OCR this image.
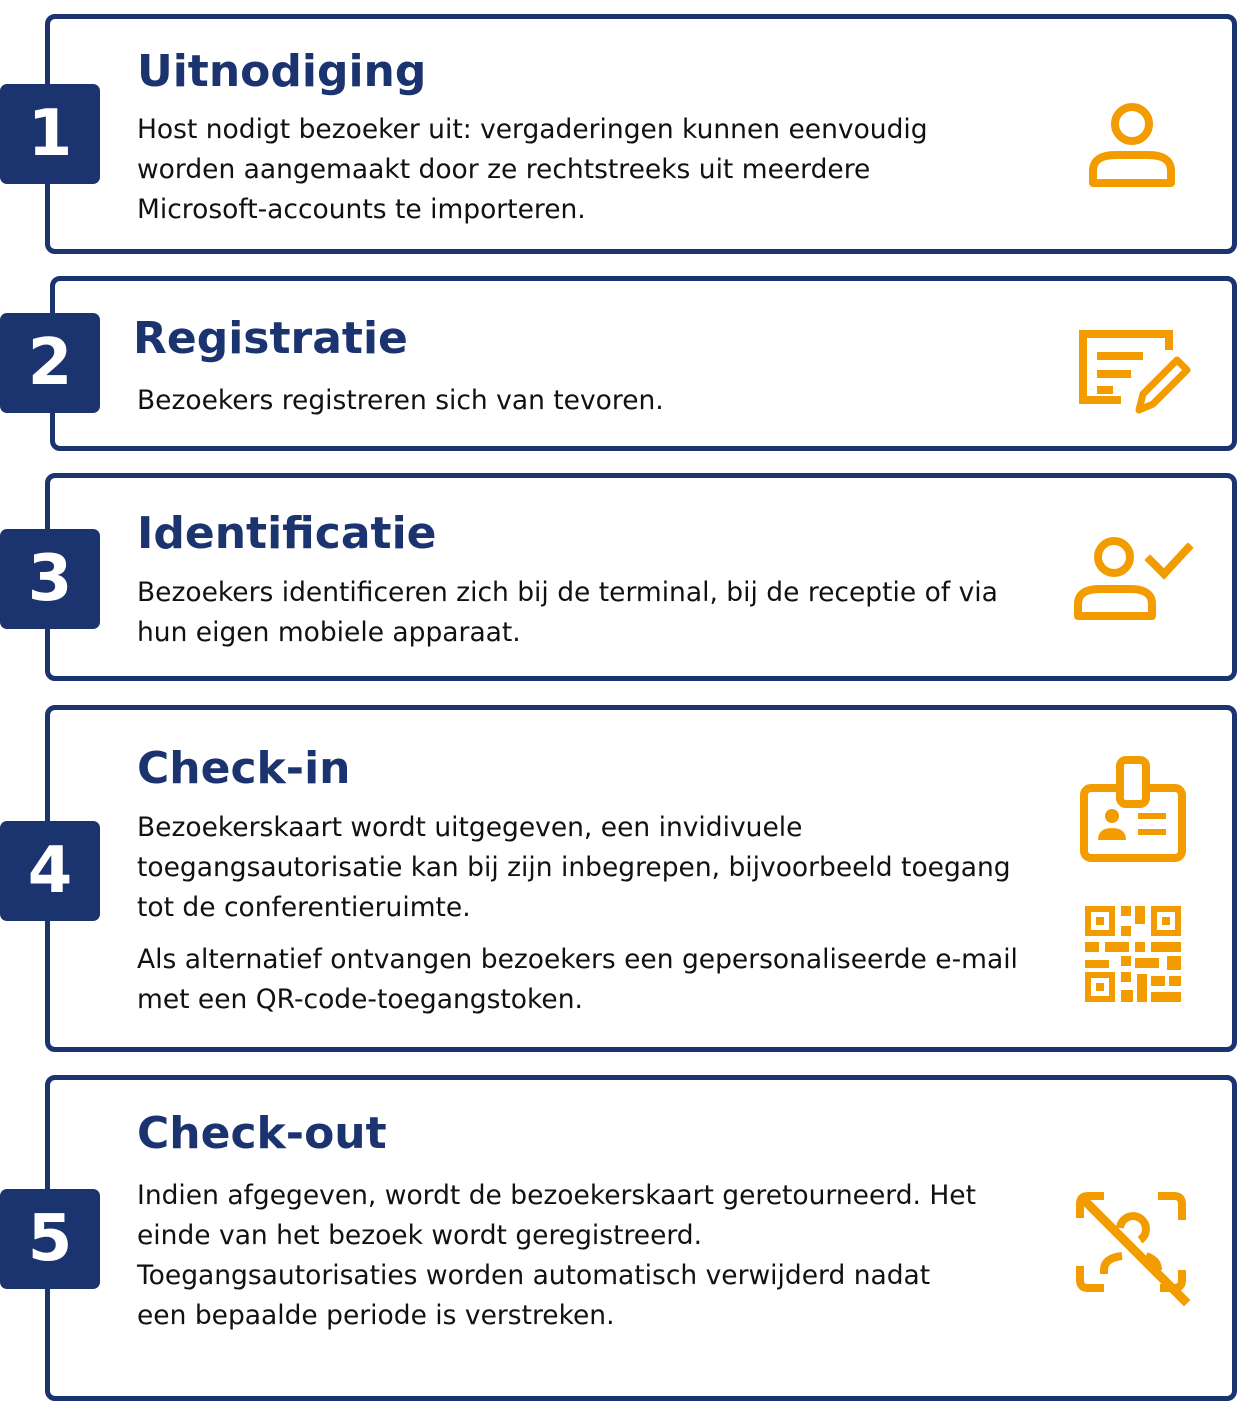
1
Uitnodiging

Host nodigt bezoeker uit: vergaderingen kunnen eenvoudig worden aangemaakt door ze rechtstreeks uit meerdere Microsoft-accounts te importeren.

2	Registratie

Bezoekers registreren sich van tevoren.

3
Identificatie

Bezoekers identificeren zich bij de terminal, bij de receptie of via hun eigen mobiele apparaat.

4
Check-in

Bezoekerskaart wordt uitgegeven, een invidivuele toegangsautorisatie kan bij zijn inbegrepen, bijvoorbeeld toegang tot de conferentieruimte.

Als alternatief ontvangen bezoekers een gepersonaliseerde e-mail met een QR-code-toegangstoken.

5
Check-out

Indien afgegeven, wordt de bezoekerskaart geretourneerd. Het einde van het bezoek wordt geregistreerd. Toegangsautorisaties worden automatisch verwijderd nadat een bepaalde periode is verstreken.
